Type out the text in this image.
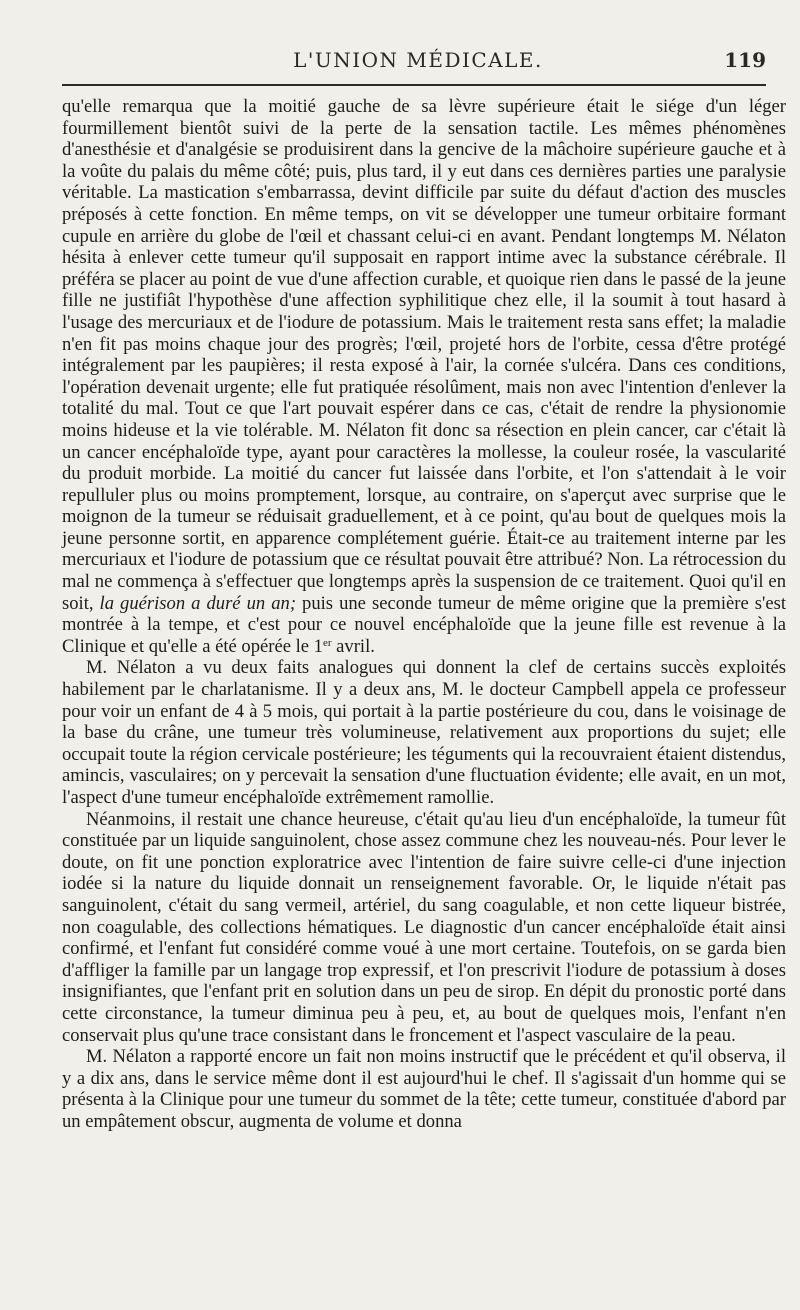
L'UNION MÉDICALE.	119

qu'elle remarqua que la moitié gauche de sa lèvre supérieure était le siége d'un léger fourmillement bientôt suivi de la perte de la sensation tactile. Les mêmes phénomènes d'anesthésie et d'analgésie se produisirent dans la gencive de la mâchoire supérieure gauche et à la voûte du palais du même côté; puis, plus tard, il y eut dans ces dernières parties une paralysie véritable. La mastication s'embarrassa, devint difficile par suite du défaut d'action des muscles préposés à cette fonction. En même temps, on vit se développer une tumeur orbitaire formant cupule en arrière du globe de l'œil et chassant celui-ci en avant. Pendant longtemps M. Nélaton hésita à enlever cette tumeur qu'il supposait en rapport intime avec la substance cérébrale. Il préféra se placer au point de vue d'une affection curable, et quoique rien dans le passé de la jeune fille ne justifiât l'hypothèse d'une affection syphilitique chez elle, il la soumit à tout hasard à l'usage des mercuriaux et de l'iodure de potassium. Mais le traitement resta sans effet; la maladie n'en fit pas moins chaque jour des progrès; l'œil, projeté hors de l'orbite, cessa d'être protégé intégralement par les paupières; il resta exposé à l'air, la cornée s'ulcéra. Dans ces conditions, l'opération devenait urgente; elle fut pratiquée résolûment, mais non avec l'intention d'enlever la totalité du mal. Tout ce que l'art pouvait espérer dans ce cas, c'était de rendre la physionomie moins hideuse et la vie tolérable. M. Nélaton fit donc sa résection en plein cancer, car c'était là un cancer encéphaloïde type, ayant pour caractères la mollesse, la couleur rosée, la vascularité du produit morbide. La moitié du cancer fut laissée dans l'orbite, et l'on s'attendait à le voir repulluler plus ou moins promptement, lorsque, au contraire, on s'aperçut avec surprise que le moignon de la tumeur se réduisait graduellement, et à ce point, qu'au bout de quelques mois la jeune personne sortit, en apparence complétement guérie. Était-ce au traitement interne par les mercuriaux et l'iodure de potassium que ce résultat pouvait être attribué? Non. La rétrocession du mal ne commença à s'effectuer que longtemps après la suspension de ce traitement. Quoi qu'il en soit, la guérison a duré un an; puis une seconde tumeur de même origine que la première s'est montrée à la tempe, et c'est pour ce nouvel encéphaloïde que la jeune fille est revenue à la Clinique et qu'elle a été opérée le 1er avril.

M. Nélaton a vu deux faits analogues qui donnent la clef de certains succès exploités habilement par le charlatanisme. Il y a deux ans, M. le docteur Campbell appela ce professeur pour voir un enfant de 4 à 5 mois, qui portait à la partie postérieure du cou, dans le voisinage de la base du crâne, une tumeur très volumineuse, relativement aux proportions du sujet; elle occupait toute la région cervicale postérieure; les téguments qui la recouvraient étaient distendus, amincis, vasculaires; on y percevait la sensation d'une fluctuation évidente; elle avait, en un mot, l'aspect d'une tumeur encéphaloïde extrêmement ramollie.

Néanmoins, il restait une chance heureuse, c'était qu'au lieu d'un encéphaloïde, la tumeur fût constituée par un liquide sanguinolent, chose assez commune chez les nouveau-nés. Pour lever le doute, on fit une ponction exploratrice avec l'intention de faire suivre celle-ci d'une injection iodée si la nature du liquide donnait un renseignement favorable. Or, le liquide n'était pas sanguinolent, c'était du sang vermeil, artériel, du sang coagulable, et non cette liqueur bistrée, non coagulable, des collections hématiques. Le diagnostic d'un cancer encéphaloïde était ainsi confirmé, et l'enfant fut considéré comme voué à une mort certaine. Toutefois, on se garda bien d'affliger la famille par un langage trop expressif, et l'on prescrivit l'iodure de potassium à doses insignifiantes, que l'enfant prit en solution dans un peu de sirop. En dépit du pronostic porté dans cette circonstance, la tumeur diminua peu à peu, et, au bout de quelques mois, l'enfant n'en conservait plus qu'une trace consistant dans le froncement et l'aspect vasculaire de la peau.

M. Nélaton a rapporté encore un fait non moins instructif que le précédent et qu'il observa, il y a dix ans, dans le service même dont il est aujourd'hui le chef. Il s'agissait d'un homme qui se présenta à la Clinique pour une tumeur du sommet de la tête; cette tumeur, constituée d'abord par un empâtement obscur, augmenta de volume et donna
